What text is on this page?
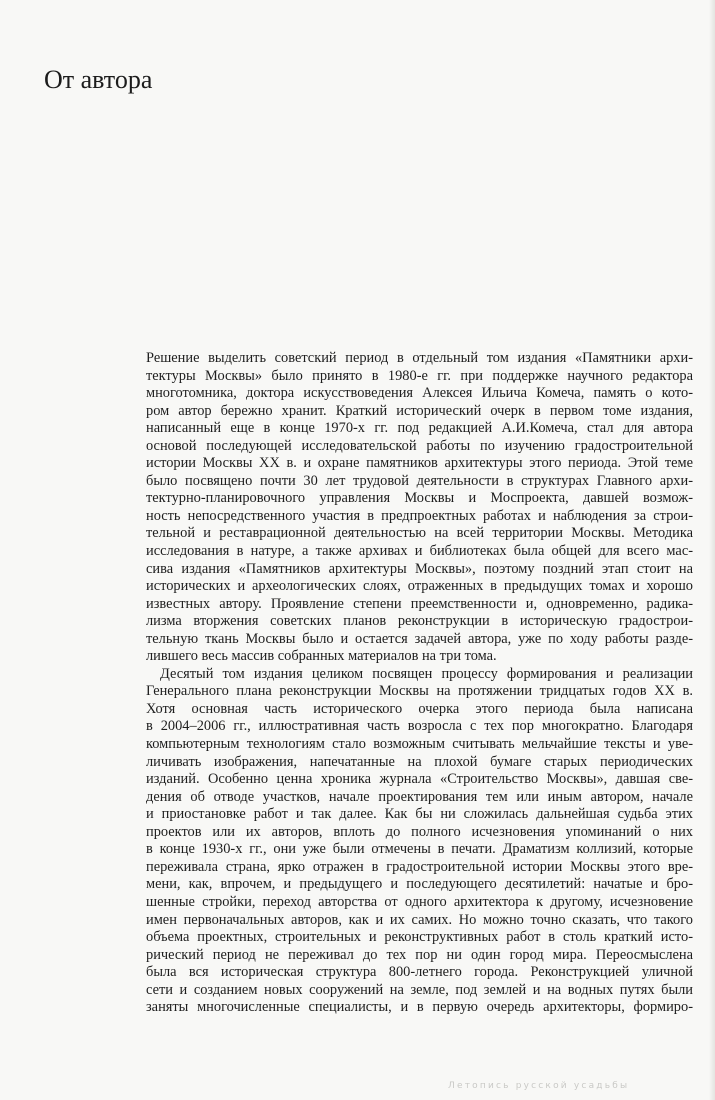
От автора

Решение выделить советский период в отдельный том издания «Памятники архи-
тектуры Москвы» было принято в 1980-е гг. при поддержке научного редактора
многотомника, доктора искусствоведения Алексея Ильича Комеча, память о кото-
ром автор бережно хранит. Краткий исторический очерк в первом томе издания,
написанный еще в конце 1970-х гг. под редакцией А.И.Комеча, стал для автора
основой последующей исследовательской работы по изучению градостроительной
истории Москвы XX в. и охране памятников архитектуры этого периода. Этой теме
было посвящено почти 30 лет трудовой деятельности в структурах Главного архи-
тектурно-планировочного управления Москвы и Моспроекта, давшей возмож-
ность непосредственного участия в предпроектных работах и наблюдения за строи-
тельной и реставрационной деятельностью на всей территории Москвы. Методика
исследования в натуре, а также архивах и библиотеках была общей для всего мас-
сива издания «Памятников архитектуры Москвы», поэтому поздний этап стоит на
исторических и археологических слоях, отраженных в предыдущих томах и хорошо
известных автору. Проявление степени преемственности и, одновременно, радика-
лизма вторжения советских планов реконструкции в историческую градострои-
тельную ткань Москвы было и остается задачей автора, уже по ходу работы разде-
лившего весь массив собранных материалов на три тома.

Десятый том издания целиком посвящен процессу формирования и реализации
Генерального плана реконструкции Москвы на протяжении тридцатых годов XX в.
Хотя основная часть исторического очерка этого периода была написана
в 2004–2006 гг., иллюстративная часть возросла с тех пор многократно. Благодаря
компьютерным технологиям стало возможным считывать мельчайшие тексты и уве-
личивать изображения, напечатанные на плохой бумаге старых периодических
изданий. Особенно ценна хроника журнала «Строительство Москвы», давшая све-
дения об отводе участков, начале проектирования тем или иным автором, начале
и приостановке работ и так далее. Как бы ни сложилась дальнейшая судьба этих
проектов или их авторов, вплоть до полного исчезновения упоминаний о них
в конце 1930-х гг., они уже были отмечены в печати. Драматизм коллизий, которые
переживала страна, ярко отражен в градостроительной истории Москвы этого вре-
мени, как, впрочем, и предыдущего и последующего десятилетий: начатые и бро-
шенные стройки, переход авторства от одного архитектора к другому, исчезновение
имен первоначальных авторов, как и их самих. Но можно точно сказать, что такого
объема проектных, строительных и реконструктивных работ в столь краткий исто-
рический период не переживал до тех пор ни один город мира. Переосмыслена
была вся историческая структура 800-летнего города. Реконструкцией уличной
сети и созданием новых сооружений на земле, под землей и на водных путях были
заняты многочисленные специалисты, и в первую очередь архитекторы, формиро-

Летопись русской усадьбы
